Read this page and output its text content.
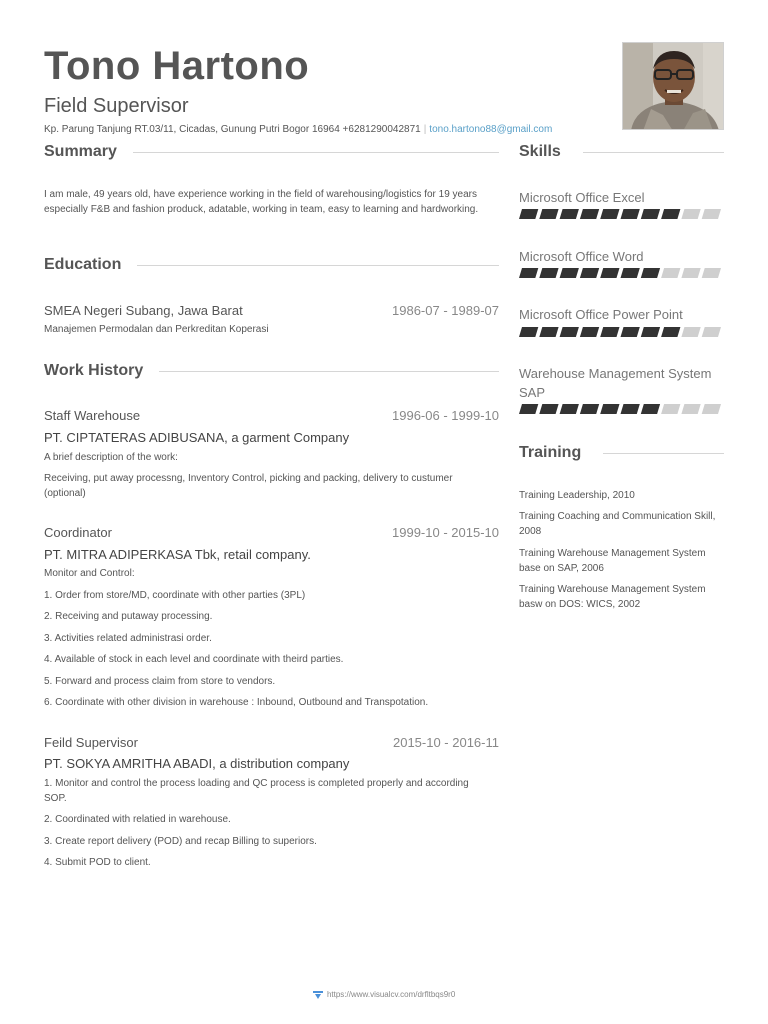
Tono Hartono
Field Supervisor
Kp. Parung Tanjung RT.03/11, Cicadas, Gunung Putri Bogor 16964 +6281290042871 | tono.hartono88@gmail.com
Summary
I am male, 49 years old, have experience working in the field of warehousing/logistics for 19 years especially F&B and fashion produck, adatable, working in team, easy to learning and hardworking.
Education
SMEA Negeri Subang, Jawa Barat	1986-07 - 1989-07
Manajemen Permodalan dan Perkreditan Koperasi
Work History
Staff Warehouse	1996-06 - 1999-10
PT. CIPTATERAS ADIBUSANA, a garment Company
A brief description of the work:
Receiving, put away processng, Inventory Control, picking and packing, delivery to custumer (optional)
Coordinator	1999-10 - 2015-10
PT. MITRA ADIPERKASA Tbk, retail company.
Monitor and Control:
1. Order from store/MD, coordinate with other parties (3PL)
2. Receiving and putaway processing.
3. Activities related administrasi order.
4. Available of stock in each level and coordinate with theird parties.
5. Forward and process claim from store to vendors.
6. Coordinate with other division in warehouse : Inbound, Outbound and Transpotation.
Feild Supervisor	2015-10 - 2016-11
PT. SOKYA AMRITHA ABADI, a distribution company
1. Monitor and control the process loading and QC process is completed properly and according SOP.
2. Coordinated with relatied in warehouse.
3. Create report delivery (POD) and recap Billing to superiors.
4. Submit POD to client.
Skills
Microsoft Office Excel
Microsoft Office Word
Microsoft Office Power Point
Warehouse Management System SAP
Training
Training Leadership, 2010
Training Coaching and Communication Skill, 2008
Training Warehouse Management System base on SAP, 2006
Training Warehouse Management System basw on DOS: WICS, 2002
https://www.visualcv.com/drfltbqs9r0
